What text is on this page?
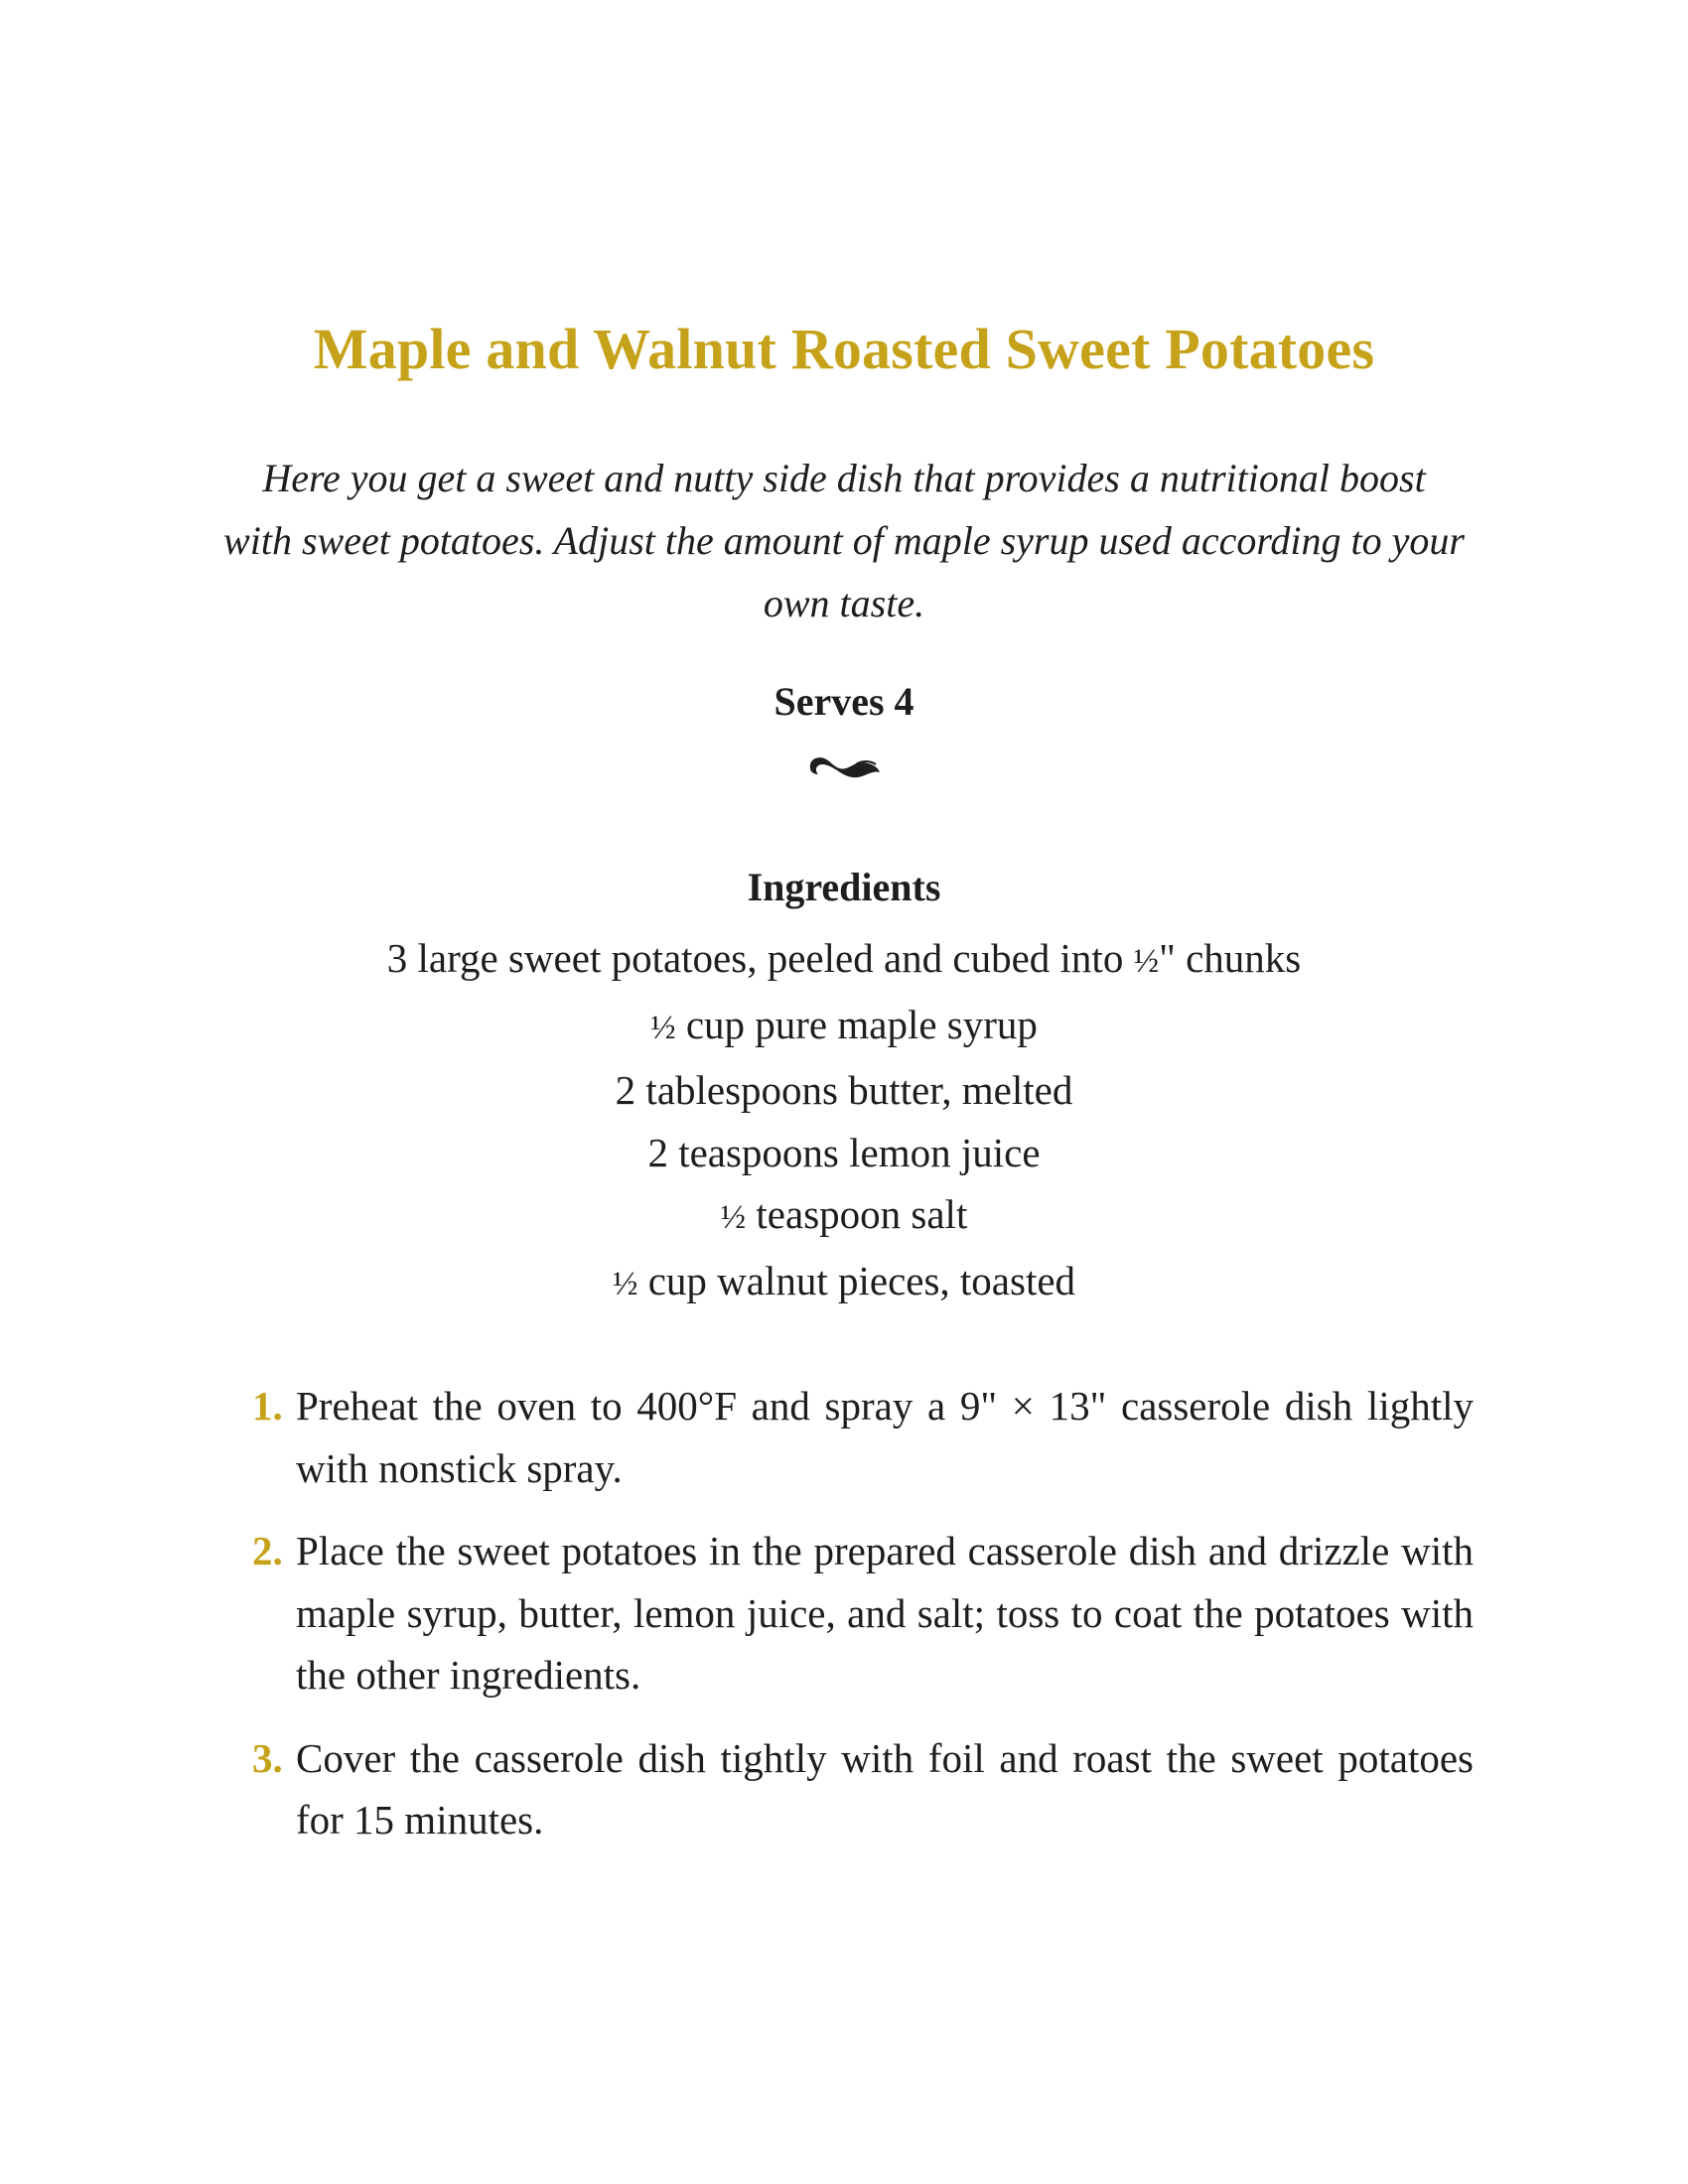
Maple and Walnut Roasted Sweet Potatoes
Here you get a sweet and nutty side dish that provides a nutritional boost with sweet potatoes. Adjust the amount of maple syrup used according to your own taste.
Serves 4
Ingredients
3 large sweet potatoes, peeled and cubed into ½" chunks
½ cup pure maple syrup
2 tablespoons butter, melted
2 teaspoons lemon juice
½ teaspoon salt
½ cup walnut pieces, toasted
1. Preheat the oven to 400°F and spray a 9" × 13" casserole dish lightly with nonstick spray.
2. Place the sweet potatoes in the prepared casserole dish and drizzle with maple syrup, butter, lemon juice, and salt; toss to coat the potatoes with the other ingredients.
3. Cover the casserole dish tightly with foil and roast the sweet potatoes for 15 minutes.
